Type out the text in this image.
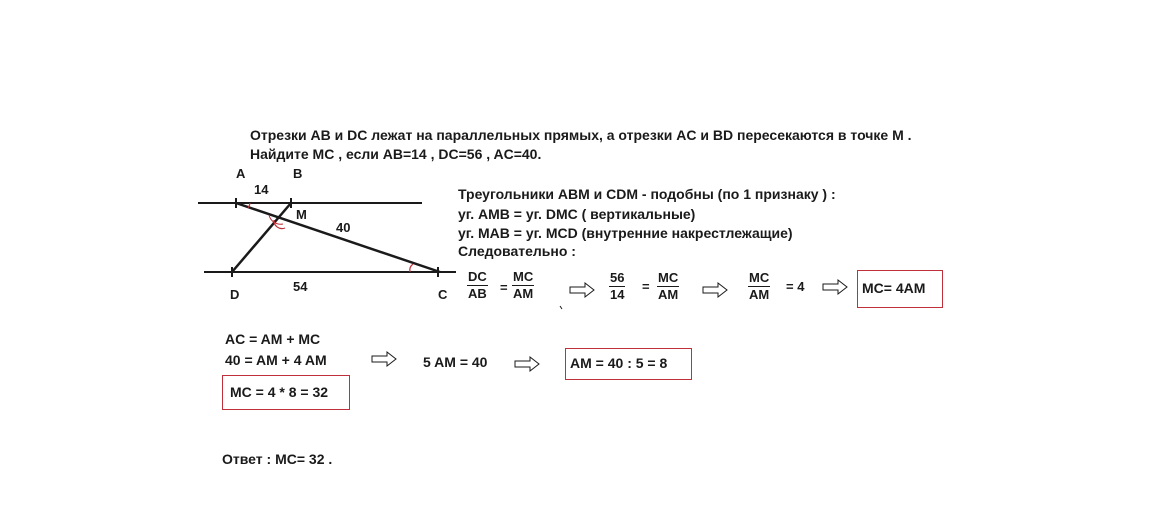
Отрезки AB и DC лежат на параллельных прямых, а отрезки AC и BD пересекаются в точке M .
Найдите MC , если AB=14 , DC=56 , AC=40.
A	B
14
M
40
D
54
C
Треугольники ABM и CDM - подобны (по 1 признаку ) :
уг. AMB = уг. DMC ( вертикальные)
уг. MAB = уг. MCD (внутренние накрестлежащие)
Следовательно :
$\frac{DC}{AB} = \frac{MC}{AM}$	$\frac{56}{14} = \frac{MC}{AM}$	$\frac{MC}{AM} = 4$	MC= 4AM
AC = AM + MC
40 = AM + 4 AM	5 AM = 40	AM = 40 : 5 = 8
MC = 4 * 8 = 32
Ответ : MC= 32 .
